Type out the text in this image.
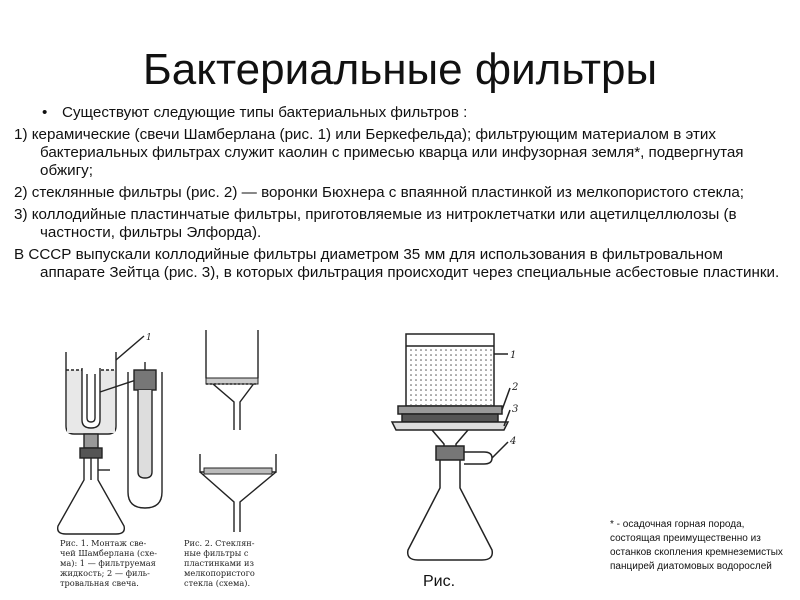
Бактериальные фильтры

• Существуют следующие типы бактериальных фильтров :

1) керамические (свечи Шамберлана (рис. 1) или Беркефельда); фильтрующим материалом в этих бактериальных фильтрах служит каолин с примесью кварца или инфузорная земля*, подвергнутая обжигу;

2) стеклянные фильтры (рис. 2) — воронки Бюхнера с впаянной пластинкой из мелкопористого стекла;

3) коллодийные пластинчатые фильтры, приготовляемые из нитроклетчатки или ацетилцеллюлозы (в частности, фильтры Элфорда).

В СССР выпускали коллодийные фильтры диаметром 35 мм для использования в фильтровальном аппарате Зейтца (рис. 3), в которых фильтрация происходит через специальные асбестовые пластинки.

1
Рис. 1. Монтаж све-
чей Шамберлана (схе-
ма): 1 — фильтруемая
жидкость; 2 — филь-
тровальная свеча.
Рис. 2. Стеклян-
ные фильтры с
пластинками из
мелкопористого
стекла (схема).
1
2
3
4
Рис.
* - осадочная горная порода, состоящая преимущественно из останков скопления кремнеземистых панцирей диатомовых водорослей
